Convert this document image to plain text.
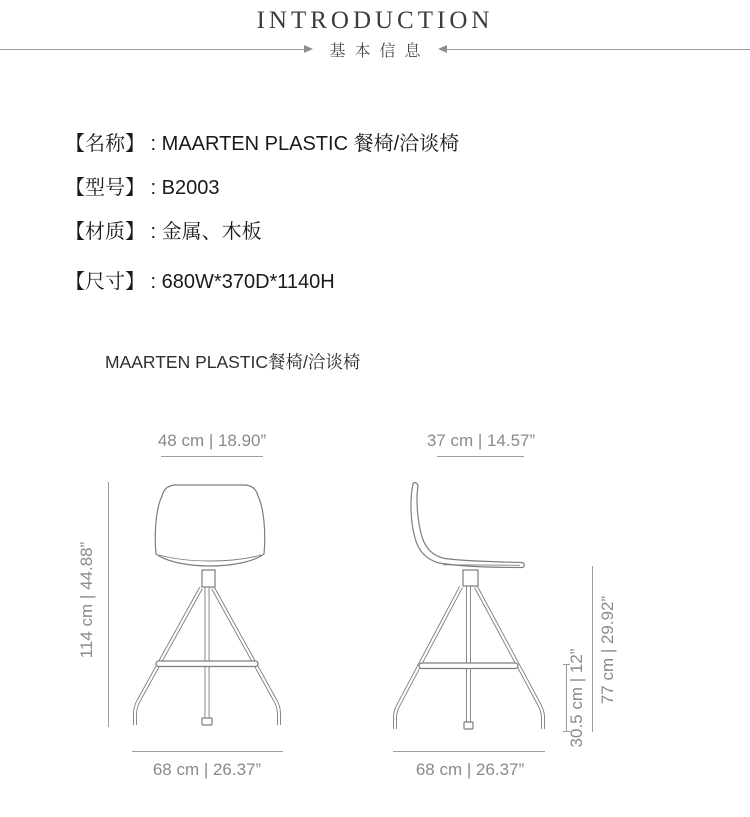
INTRODUCTION
基本信息
【名称】 : MAARTEN PLASTIC 餐椅/洽谈椅
【型号】 : B2003
【材质】 : 金属、木板
【尺寸】 : 680W*370D*1140H
MAARTEN PLASTIC餐椅/洽谈椅
48 cm | 18.90”
114 cm | 44.88”
68 cm | 26.37”
37 cm | 14.57”
77 cm | 29.92”
30.5 cm | 12”
68 cm | 26.37”
